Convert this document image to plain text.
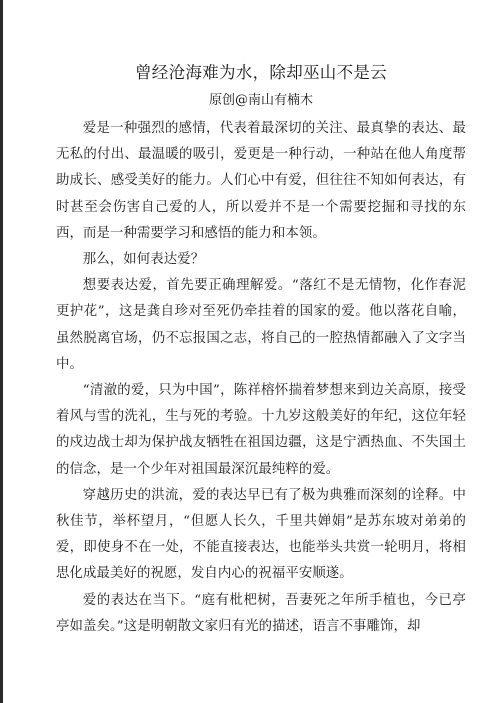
曾经沧海难为水，除却巫山不是云
原创@南山有楠木

爱是一种强烈的感情，代表着最深切的关注、最真挚的表达、最无私的付出、最温暖的吸引，爱更是一种行动，一种站在他人角度帮助成长、感受美好的能力。人们心中有爱，但往往不知如何表达，有时甚至会伤害自己爱的人，所以爱并不是一个需要挖掘和寻找的东西，而是一种需要学习和感悟的能力和本领。

那么，如何表达爱？

想要表达爱，首先要正确理解爱。“落红不是无情物，化作春泥更护花”，这是龚自珍对至死仍牵挂着的国家的爱。他以落花自喻，虽然脱离官场，仍不忘报国之志，将自己的一腔热情都融入了文字当中。

“清澈的爱，只为中国”，陈祥榕怀揣着梦想来到边关高原，接受着风与雪的洗礼，生与死的考验。十九岁这般美好的年纪，这位年轻的戍边战士却为保护战友牺牲在祖国边疆，这是宁洒热血、不失国土的信念，是一个少年对祖国最深沉最纯粹的爱。

穿越历史的洪流，爱的表达早已有了极为典雅而深刻的诠释。中秋佳节，举杯望月，“但愿人长久，千里共婵娟”是苏东坡对弟弟的爱，即使身不在一处，不能直接表达，也能举头共赏一轮明月，将相思化成最美好的祝愿，发自内心的祝福平安顺遂。

爱的表达在当下。“庭有枇杷树，吾妻死之年所手植也，今已亭亭如盖矣。”这是明朝散文家归有光的描述，语言不事雕饰，却
